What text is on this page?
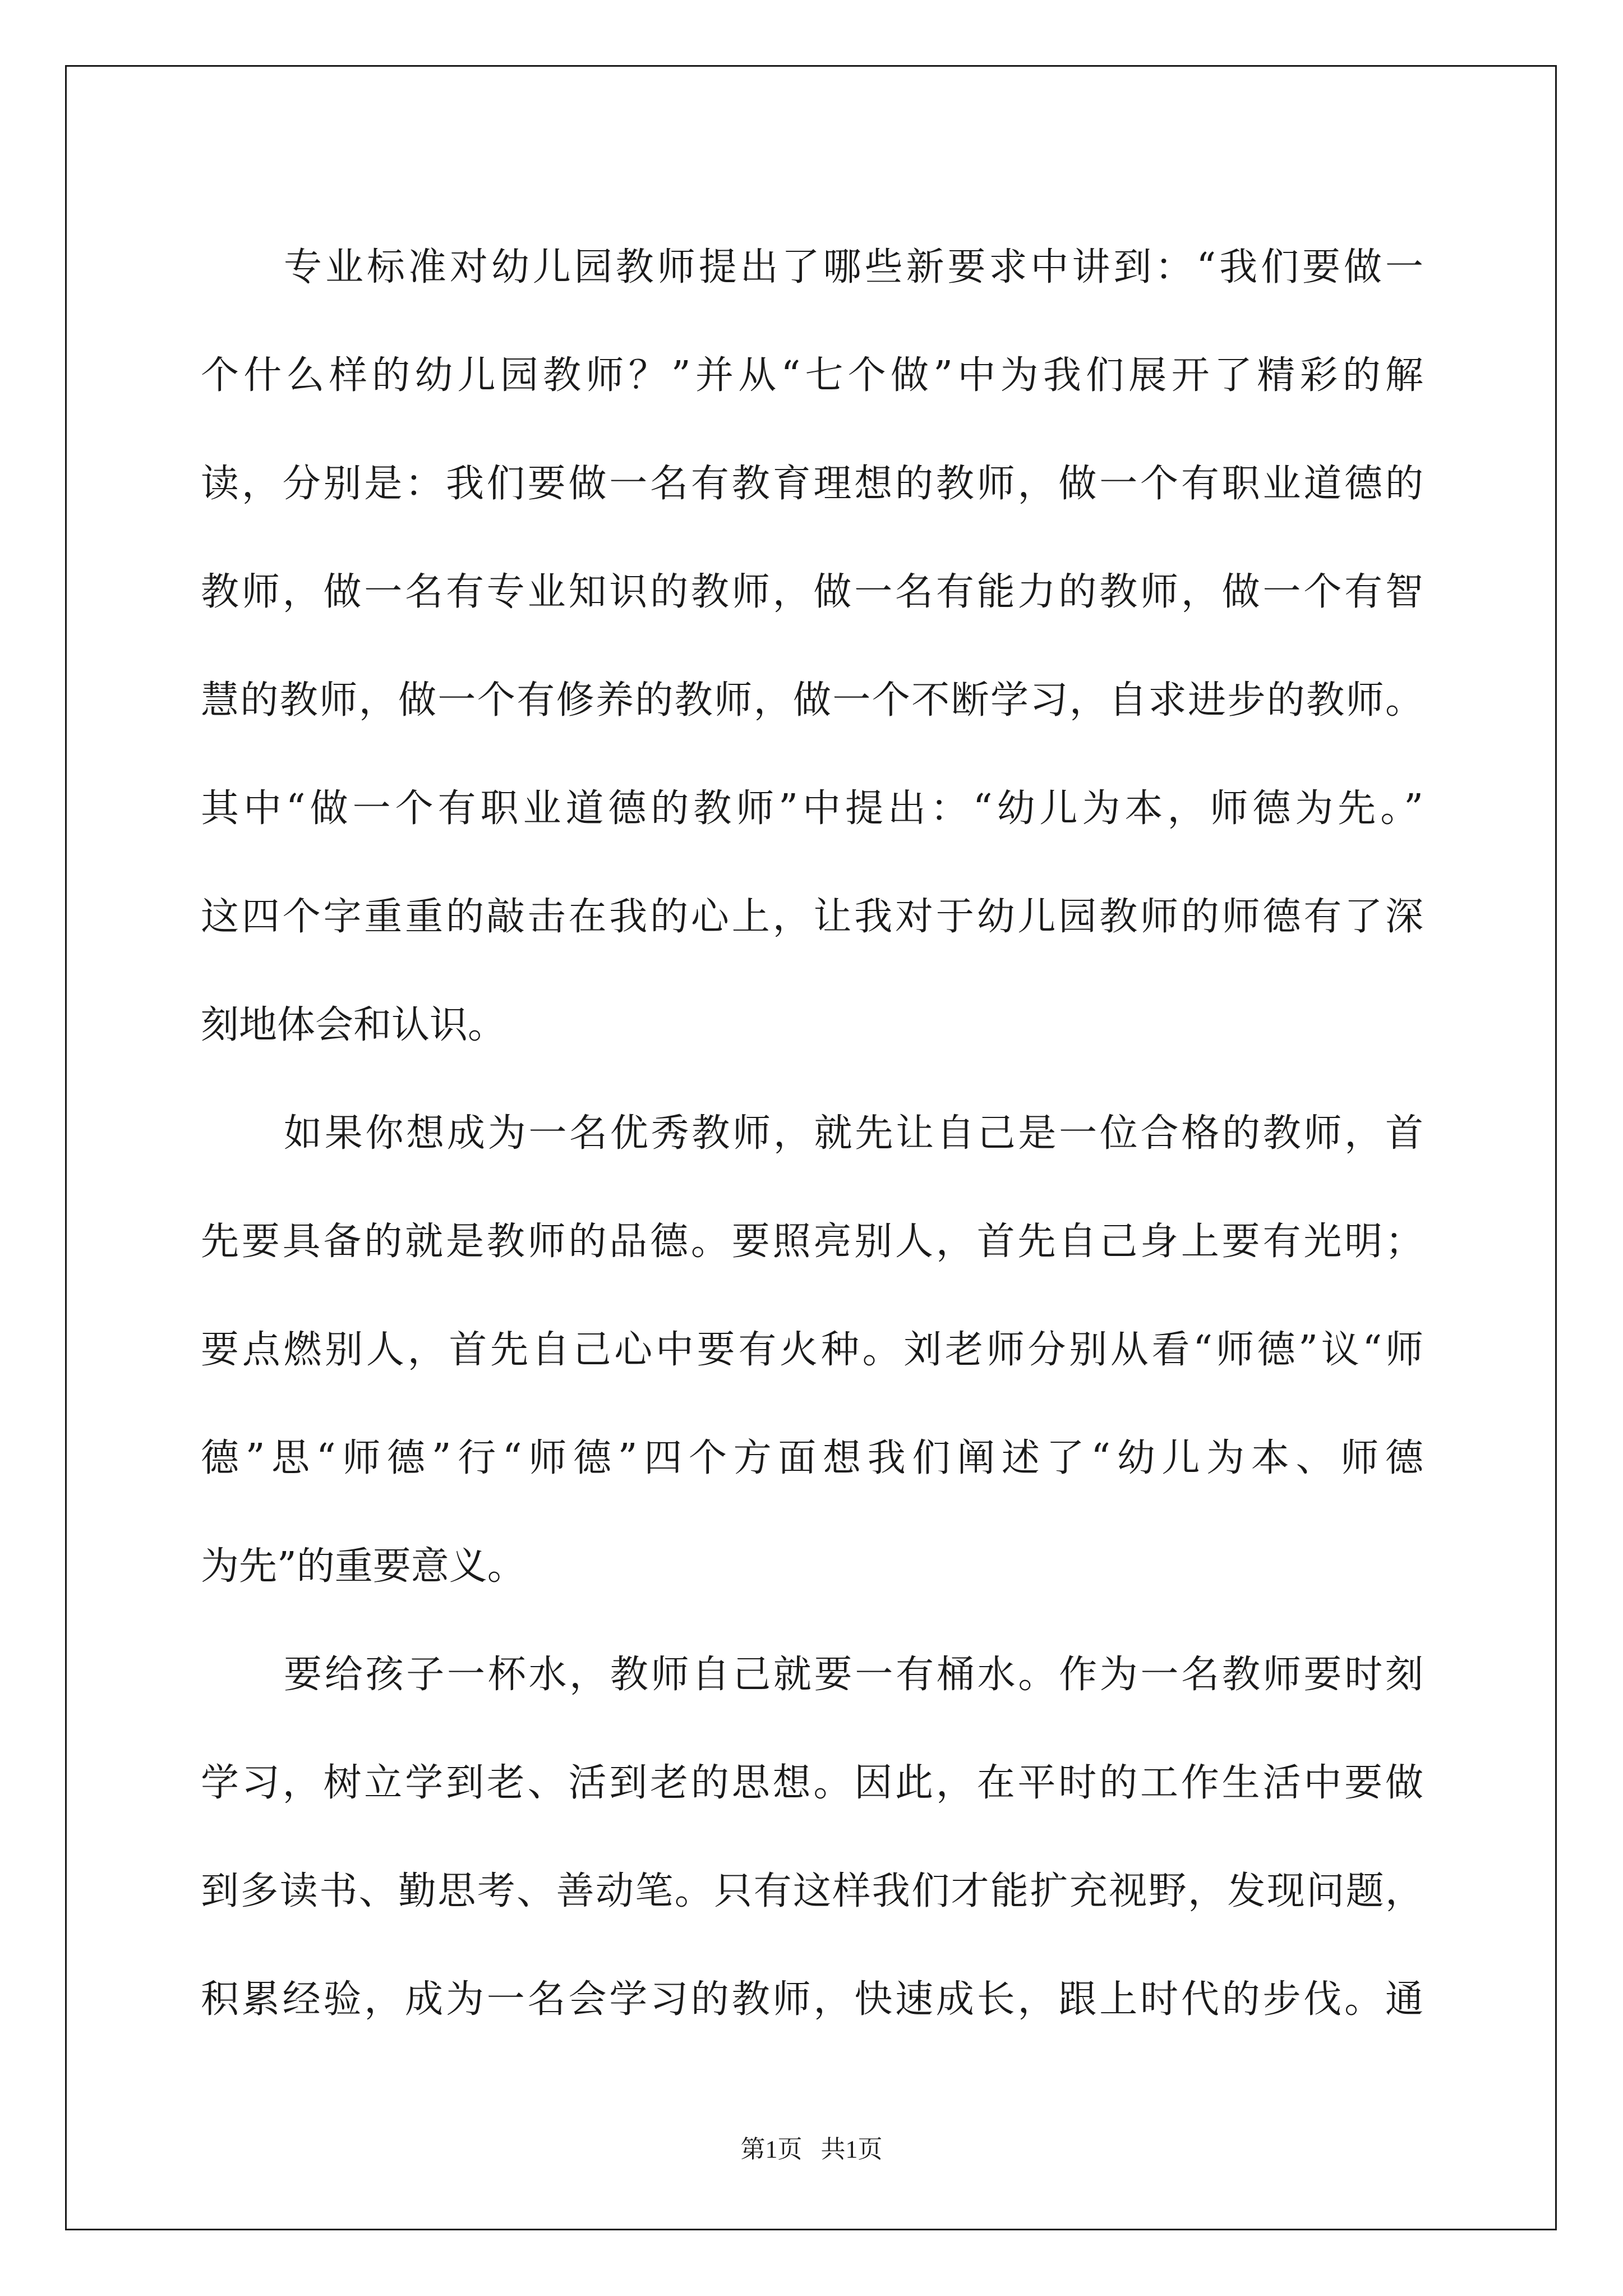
专业标准对幼儿园教师提出了哪些新要求中讲到：“我们要做一
个什么样的幼儿园教师？”并从“七个做”中为我们展开了精彩的解
读，分别是：我们要做一名有教育理想的教师，做一个有职业道德的
教师，做一名有专业知识的教师，做一名有能力的教师，做一个有智
慧的教师，做一个有修养的教师，做一个不断学习，自求进步的教师。
其中“做一个有职业道德的教师”中提出：“幼儿为本，师德为先。”
这四个字重重的敲击在我的心上，让我对于幼儿园教师的师德有了深
刻地体会和认识。
如果你想成为一名优秀教师，就先让自己是一位合格的教师，首
先要具备的就是教师的品德。要照亮别人，首先自己身上要有光明；
要点燃别人，首先自己心中要有火种。刘老师分别从看“师德”议“师
德”思“师德”行“师德”四个方面想我们阐述了“幼儿为本、师德
为先”的重要意义。
要给孩子一杯水，教师自己就要一有桶水。作为一名教师要时刻
学习，树立学到老、活到老的思想。因此，在平时的工作生活中要做
到多读书、勤思考、善动笔。只有这样我们才能扩充视野，发现问题，
积累经验，成为一名会学习的教师，快速成长，跟上时代的步伐。通
第1页   共1页
